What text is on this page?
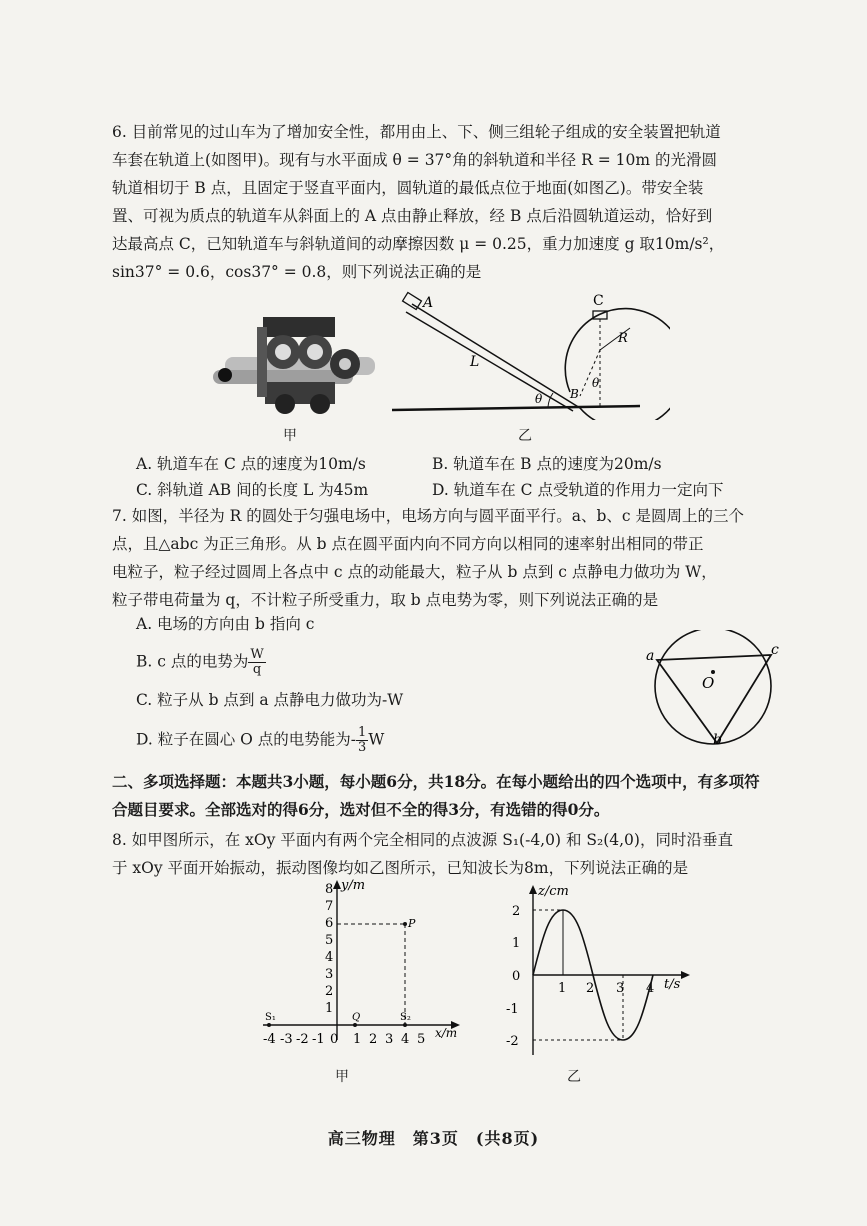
6. 目前常见的过山车为了增加安全性，都用由上、下、侧三组轮子组成的安全装置把轨道
车套在轨道上(如图甲)。现有与水平面成 θ = 37°角的斜轨道和半径 R = 10m 的光滑圆
轨道相切于 B 点，且固定于竖直平面内，圆轨道的最低点位于地面(如图乙)。带安全装
置、可视为质点的轨道车从斜面上的 A 点由静止释放，经 B 点后沿圆轨道运动，恰好到
达最高点 C，已知轨道车与斜轨道间的动摩擦因数 μ = 0.25，重力加速度 g 取10m/s²，
sin37° = 0.6，cos37° = 0.8，则下列说法正确的是
甲
A
L
θ
C
R
θ
B
乙
A. 轨道车在 C 点的速度为10m/s	B. 轨道车在 B 点的速度为20m/s
C. 斜轨道 AB 间的长度 L 为45m	D. 轨道车在 C 点受轨道的作用力一定向下
7. 如图，半径为 R 的圆处于匀强电场中，电场方向与圆平面平行。a、b、c 是圆周上的三个
点，且△abc 为正三角形。从 b 点在圆平面内向不同方向以相同的速率射出相同的带正
电粒子，粒子经过圆周上各点中 c 点的动能最大，粒子从 b 点到 c 点静电力做功为 W，
粒子带电荷量为 q，不计粒子所受重力，取 b 点电势为零，则下列说法正确的是
A. 电场的方向由 b 指向 c
B. c 点的电势为 $\frac{W}{q}$
C. 粒子从 b 点到 a 点静电力做功为-W
D. 粒子在圆心 O 点的电势能为- $\frac{1}{3}$ W
a	c
b
O
二、多项选择题：本题共3小题，每小题6分，共18分。在每小题给出的四个选项中，有多项符
合题目要求。全部选对的得6分，选对但不全的得3分，有选错的得0分。
8. 如甲图所示，在 xOy 平面内有两个完全相同的点波源 S₁(-4,0) 和 S₂(4,0)，同时沿垂直
于 xOy 平面开始振动，振动图像均如乙图所示，已知波长为8m，下列说法正确的是
y/m
x/m
1
2
3
4
5
6
7
8
-4 -3 -2 -1 0 1 2 3 4 5
P
S₂
S₁	Q
甲
z/cm
t/s
2
1
0
-1
-2
1 2 3 4
乙
高三物理　第3页　(共8页)
